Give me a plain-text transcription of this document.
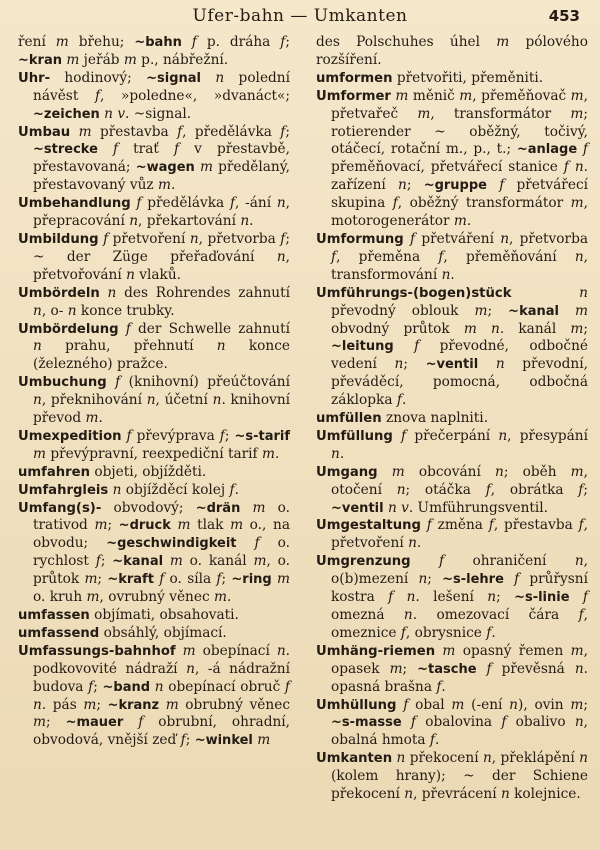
Ufer-bahn — Umkanten	453

ření m břehu; ~bahn f p. dráha f; ~kran m jeřáb m p., nábřežní.

Uhr- hodinový; ~signal n polední návěst f, »poledne«, »dvanáct«; ~zeichen n v. ~signal.

Umbau m přestavba f, předělávka f; ~strecke f trať f v přestavbě, přestavovaná; ~wagen m předělaný, přestavovaný vůz m.

Umbehandlung f předělávka f, -ání n, přepracování n, překartování n.

Umbildung f přetvoření n, přetvorba f; ~ der Züge přeřaďování n, přetvořování n vlaků.

Umbördeln n des Rohrendes zahnutí n, o- n konce trubky.

Umbördelung f der Schwelle zahnutí n prahu, přehnutí n konce (železného) pražce.

Umbuchung f (knihovní) přeúčtování n, překnihování n, účetní n. knihovní převod m.

Umexpedition f převýprava f; ~s-tarif m převýpravní, reexpediční tarif m.

umfahren objeti, objížděti.

Umfahrgleis n objížděcí kolej f.

Umfang(s)- obvodový; ~drän m o. trativod m; ~druck m tlak m o., na obvodu; ~geschwindigkeit f o. rychlost f; ~kanal m o. kanál m, o. průtok m; ~kraft f o. síla f; ~ring m o. kruh m, ovrubný věnec m.

umfassen objímati, obsahovati.

umfassend obsáhlý, objímací.

Umfassungs-bahnhof m obepínací n. podkovovité nádraží n, -á nádražní budova f; ~band n obepínací obruč f n. pás m; ~kranz m obrubný věnec m; ~mauer f obrubní, ohradní, obvodová, vnější zeď f; ~winkel m

des Polschuhes úhel m pólového rozšíření.

umformen přetvořiti, přeměniti.

Umformer m měnič m, přeměňovač m, přetvařeč m, transformátor m; rotierender ~ oběžný, točivý, otáčecí, rotační m., p., t.; ~anlage f přeměňovací, přetvářecí stanice f n. zařízení n; ~gruppe f přetvářecí skupina f, oběžný transformátor m, motorogenerátor m.

Umformung f přetváření n, přetvorba f, přeměna f, přeměňování n, transformování n.

Umführungs-(bogen)stück	n převodný oblouk m; ~kanal m obvodný průtok m n. kanál m; ~leitung f převodné, odbočné vedení n; ~ventil n převodní, převáděcí, pomocná, odbočná záklopka f.

umfüllen znova naplniti.

Umfüllung f přečerpání n, přesypání n.

Umgang m obcování n; oběh m, otočení n; otáčka f, obrátka f; ~ventil n v. Umführungsventil.

Umgestaltung f změna f, přestavba f, přetvoření n.

Umgrenzung f ohraničení n, o(b)mezení n; ~s-lehre f průřysní kostra f n. lešení n; ~s-linie f omezná n. omezovací čára f, omeznice f, obrysnice f.

Umhäng-riemen m opasný řemen m, opasek m; ~tasche f převěsná n. opasná brašna f.

Umhüllung f obal m (-ení n), ovin m; ~s-masse f obalovina f obalivo n, obalná hmota f.

Umkanten n překocení n, překlápění n (kolem hrany); ~ der Schiene překocení n, převrácení n kolejnice.
